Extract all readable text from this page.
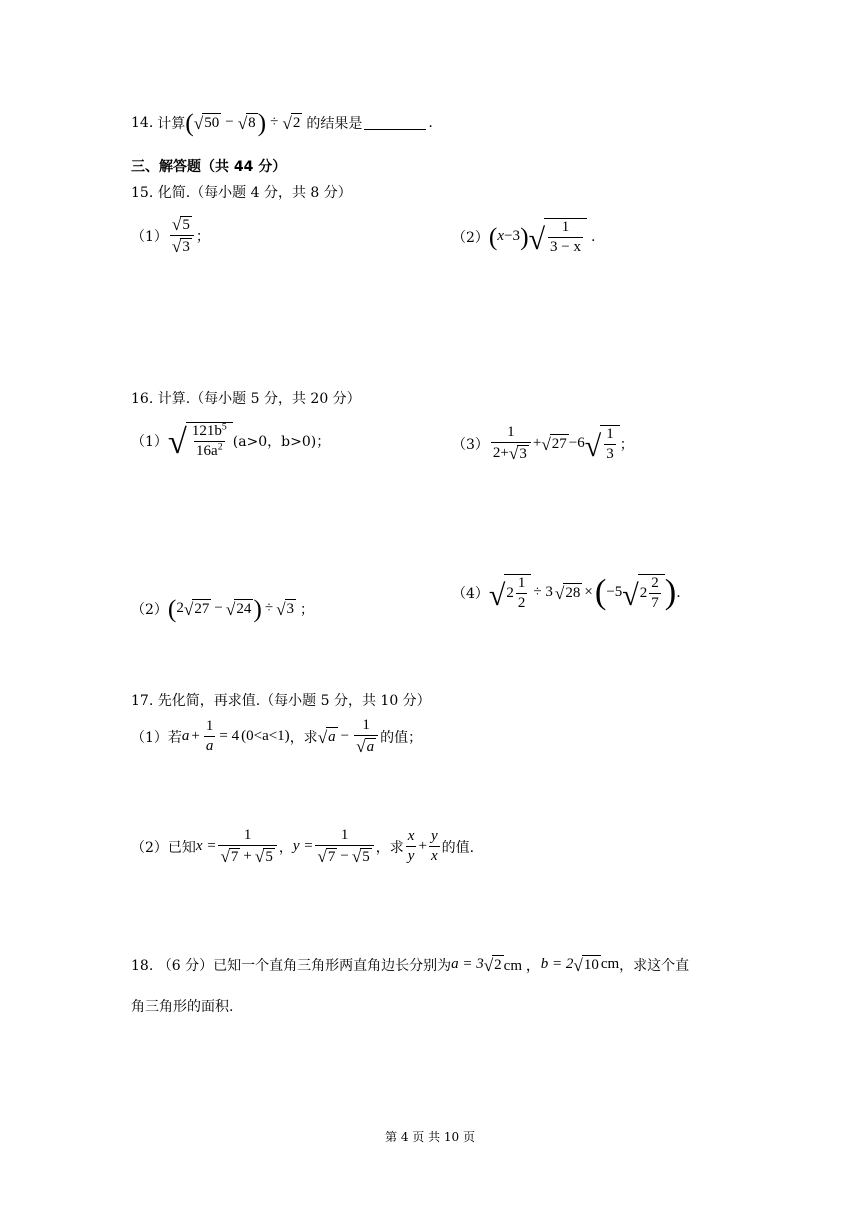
14. 计算 ( √ 50 − √ 8 ) ÷ √ 2 的结果是	.
三、解答题（共 44 分）
15. 化简.（每小题 4 分，共 8 分）
$(1) \frac{√ 5}{√ 3}$ ；	（2） ( x −3 ) √ $\frac{1}{3 - x}$ .
16. 计算.（每小题 5 分，共 20 分）
（1） √ $\frac{121b^5}{16a^2} (a>0$，b>0)；	$(3) \frac{1}{2+ √ 3}$ + √ 27 −6 √ $\frac{1}{3}$ ；
（2） ( 2 √ 27 − √ 24 ) ÷ √ 3 ；
（4） √ $2 \frac{1}{2} \div 3$ √ 28 × ( −5 √ $2 \frac{2}{7}$ ) .
17. 先化简，再求值.（每小题 5 分，共 10 分）
（1）若 $a + \frac{1}{a} = 4$ (0<a<1) ，求 √ $a - \frac{1}{√ a}$ 的值；
（2）已知 $x = \frac{1}{√ 7 + √ 5}$ ， $y = \frac{1}{√ 7 - √ 5}$ ，求 $\frac{x}{y} + \frac{y}{x}$ 的值.
18. （6 分）已知一个直角三角形两直角边长分别为 a = 3 √ 2 cm ， b = 2 √ 10 cm ，求这个直
角三角形的面积.
第 4 页 共 10 页
